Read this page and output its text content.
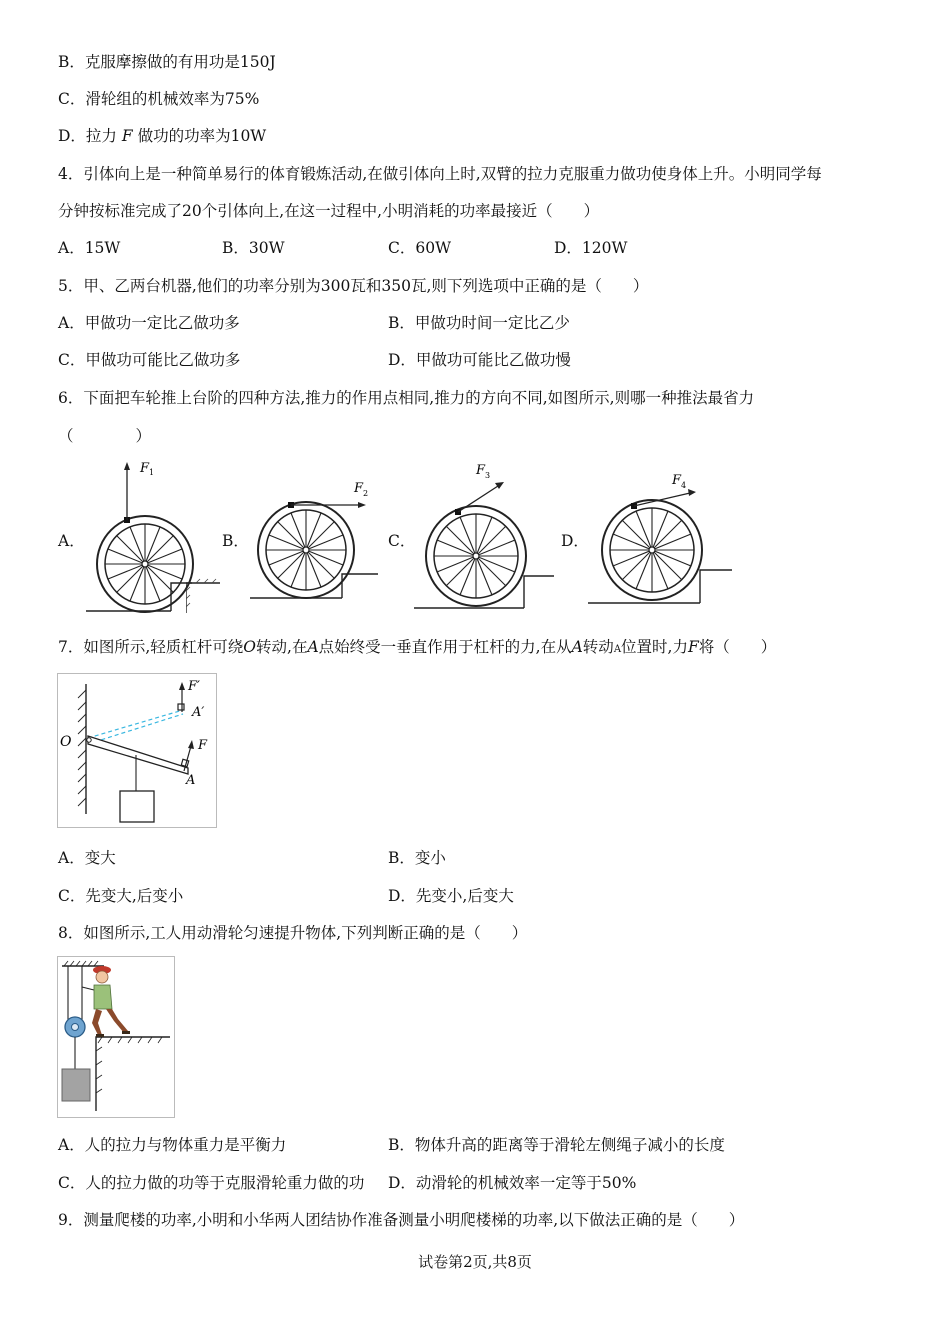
B．克服摩擦做的有用功是150J
C．滑轮组的机械效率为75%
D．拉力 F 做功的功率为10W
4．引体向上是一种简单易行的体育锻炼活动,在做引体向上时,双臂的拉力克服重力做功使身体上升。小明同学每
分钟按标准完成了20个引体向上,在这一过程中,小明消耗的功率最接近（　　）
A．15W	B．30W	C．60W	D．120W
5．甲、乙两台机器,他们的功率分别为300瓦和350瓦,则下列选项中正确的是（　　）
A．甲做功一定比乙做功多	B．甲做功时间一定比乙少
C．甲做功可能比乙做功多	D．甲做功可能比乙做功慢
6．下面把车轮推上台阶的四种方法,推力的作用点相同,推力的方向不同,如图所示,则哪一种推法最省力
（　　　　）
A．	B．	C．	D．
F 1
F 2
F 3	F 4
7．如图所示,轻质杠杆可绕O转动,在A点始终受一垂直作用于杠杆的力,在从A转动A位置时,力F将（　　）
O
A
A′
F
F′
A．变大	B．变小
C．先变大,后变小	D．先变小,后变大
8．如图所示,工人用动滑轮匀速提升物体,下列判断正确的是（　　）
A．人的拉力与物体重力是平衡力	B．物体升高的距离等于滑轮左侧绳子减小的长度
C．人的拉力做的功等于克服滑轮重力做的功 D．动滑轮的机械效率一定等于50%
9．测量爬楼的功率,小明和小华两人团结协作准备测量小明爬楼梯的功率,以下做法正确的是（　　）
试卷第2页,共8页
